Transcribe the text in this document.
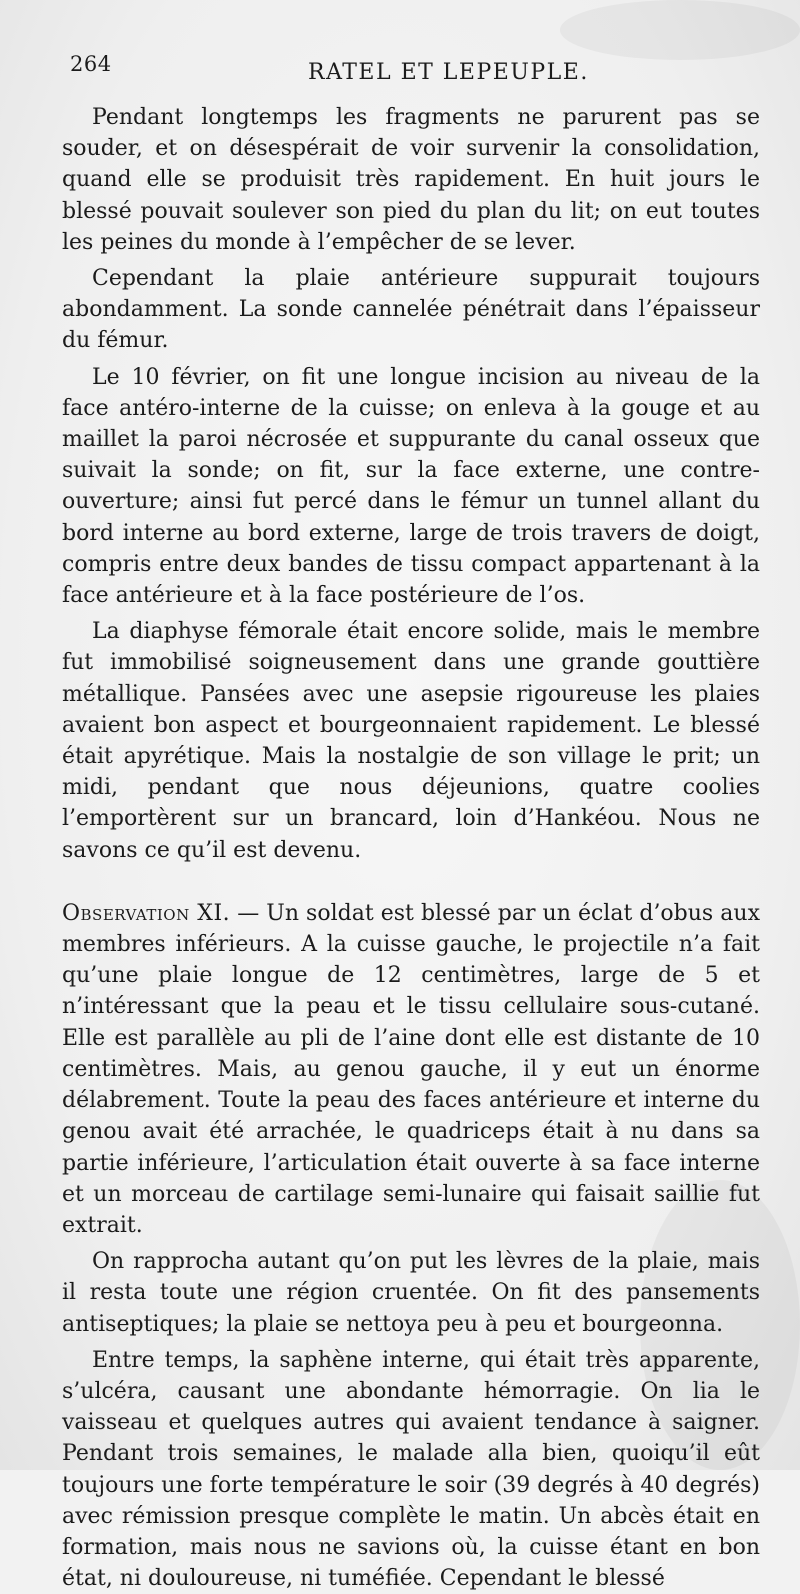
264	RATEL ET LEPEUPLE.

Pendant longtemps les fragments ne parurent pas se souder, et on désespérait de voir survenir la consolidation, quand elle se produisit très rapidement. En huit jours le blessé pouvait soulever son pied du plan du lit; on eut toutes les peines du monde à l’empêcher de se lever.

Cependant la plaie antérieure suppurait toujours abondamment. La sonde cannelée pénétrait dans l’épaisseur du fémur.

Le 10 février, on fit une longue incision au niveau de la face antéro-interne de la cuisse; on enleva à la gouge et au maillet la paroi nécrosée et suppurante du canal osseux que suivait la sonde; on fit, sur la face externe, une contre-ouverture; ainsi fut percé dans le fémur un tunnel allant du bord interne au bord externe, large de trois travers de doigt, compris entre deux bandes de tissu compact appartenant à la face antérieure et à la face postérieure de l’os.

La diaphyse fémorale était encore solide, mais le membre fut immobilisé soigneusement dans une grande gouttière métallique. Pansées avec une asepsie rigoureuse les plaies avaient bon aspect et bourgeonnaient rapidement. Le blessé était apyrétique. Mais la nostalgie de son village le prit; un midi, pendant que nous déjeunions, quatre coolies l’emportèrent sur un brancard, loin d’Hankéou. Nous ne savons ce qu’il est devenu.

Observation XI. — Un soldat est blessé par un éclat d’obus aux membres inférieurs. A la cuisse gauche, le projectile n’a fait qu’une plaie longue de 12 centimètres, large de 5 et n’intéressant que la peau et le tissu cellulaire sous-cutané. Elle est parallèle au pli de l’aine dont elle est distante de 10 centimètres. Mais, au genou gauche, il y eut un énorme délabrement. Toute la peau des faces antérieure et interne du genou avait été arrachée, le quadriceps était à nu dans sa partie inférieure, l’articulation était ouverte à sa face interne et un morceau de cartilage semi-lunaire qui faisait saillie fut extrait.

On rapprocha autant qu’on put les lèvres de la plaie, mais il resta toute une région cruentée. On fit des pansements antiseptiques; la plaie se nettoya peu à peu et bourgeonna.

Entre temps, la saphène interne, qui était très apparente, s’ulcéra, causant une abondante hémorragie. On lia le vaisseau et quelques autres qui avaient tendance à saigner. Pendant trois semaines, le malade alla bien, quoiqu’il eût toujours une forte température le soir (39 degrés à 40 degrés) avec rémission presque complète le matin. Un abcès était en formation, mais nous ne savions où, la cuisse étant en bon état, ni douloureuse, ni tuméfiée. Cependant le blessé
